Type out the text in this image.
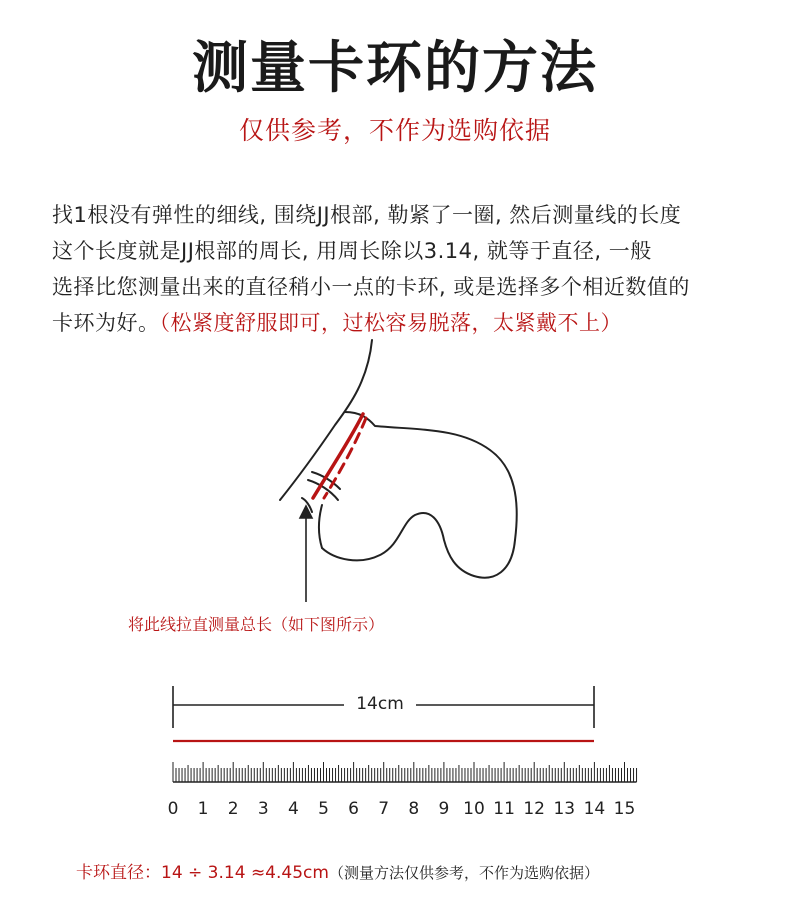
测量卡环的方法
仅供参考，不作为选购依据
找1根没有弹性的细线, 围绕JJ根部, 勒紧了一圈, 然后测量线的长度
这个长度就是JJ根部的周长, 用周长除以3.14, 就等于直径, 一般
选择比您测量出来的直径稍小一点的卡环, 或是选择多个相近数值的
卡环为好。（松紧度舒服即可，过松容易脱落，太紧戴不上）
将此线拉直测量总长（如下图所示）
14cm
0	1	2	3	4	5	6	7	8	9 10 11 12 13 14 15
卡环直径：14 ÷ 3.14 ≈4.45cm（测量方法仅供参考，不作为选购依据）
